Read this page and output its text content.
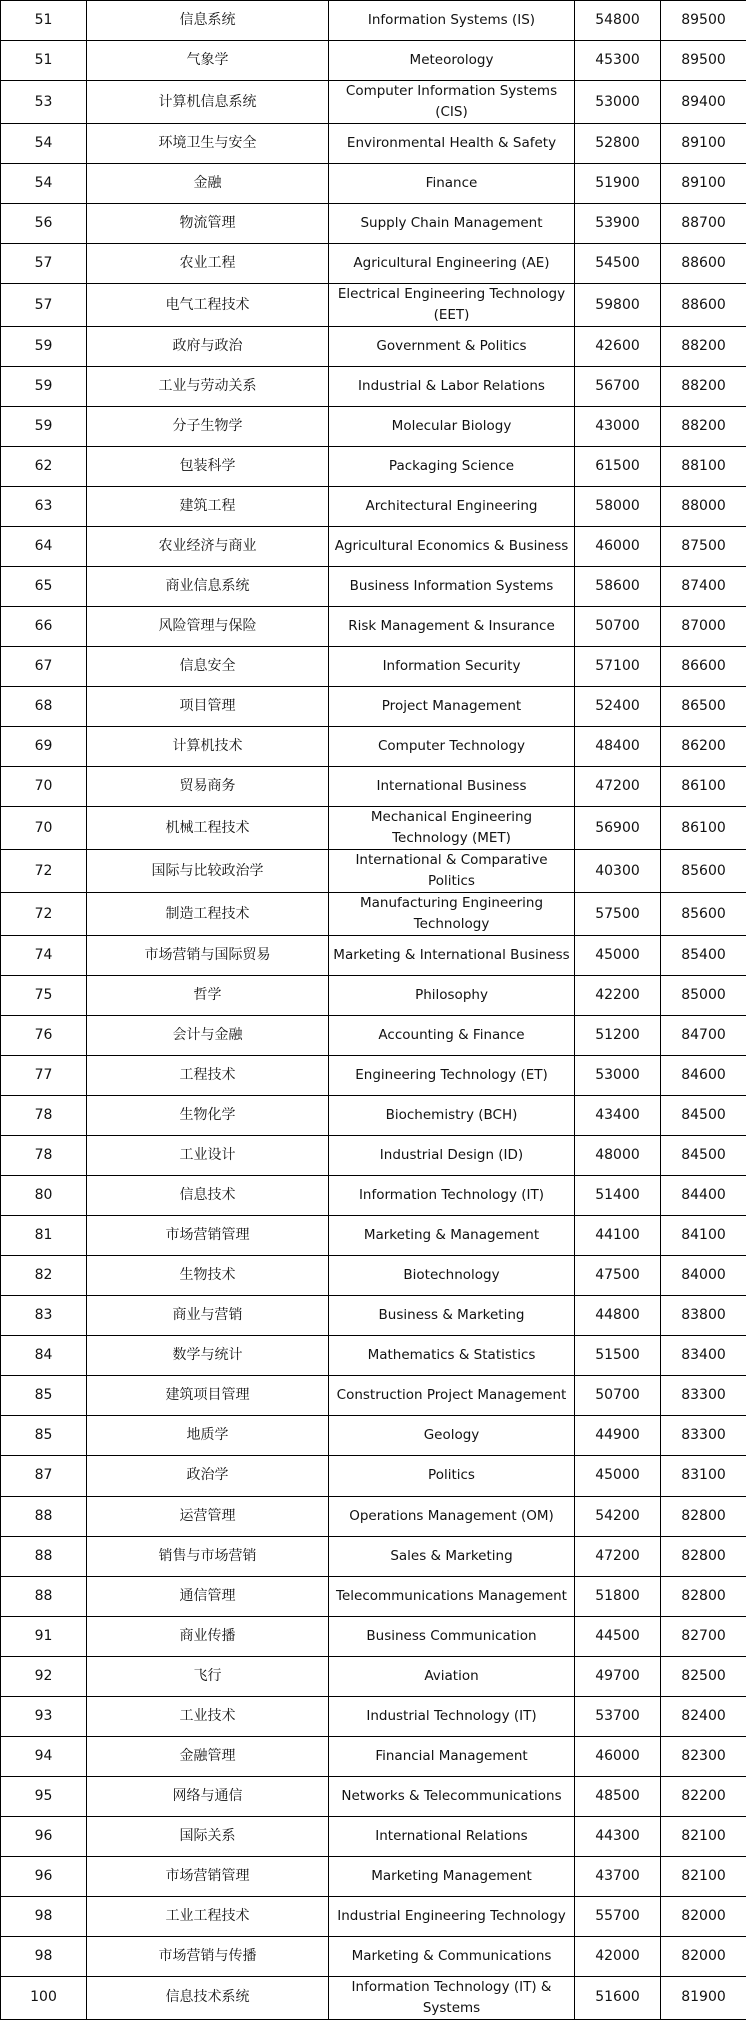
51	信息系统	Information Systems (IS)	54800	89500
51	气象学	Meteorology	45300	89500
53	计算机信息系统	Computer Information Systems (CIS)	53000	89400
54	环境卫生与安全	Environmental Health & Safety	52800	89100
54	金融	Finance	51900	89100
56	物流管理	Supply Chain Management	53900	88700
57	农业工程	Agricultural Engineering (AE)	54500	88600
57	电气工程技术	Electrical Engineering Technology (EET)	59800	88600
59	政府与政治	Government & Politics	42600	88200
59	工业与劳动关系	Industrial & Labor Relations	56700	88200
59	分子生物学	Molecular Biology	43000	88200
62	包装科学	Packaging Science	61500	88100
63	建筑工程	Architectural Engineering	58000	88000
64	农业经济与商业	Agricultural Economics & Business	46000	87500
65	商业信息系统	Business Information Systems	58600	87400
66	风险管理与保险	Risk Management & Insurance	50700	87000
67	信息安全	Information Security	57100	86600
68	项目管理	Project Management	52400	86500
69	计算机技术	Computer Technology	48400	86200
70	贸易商务	International Business	47200	86100
70	机械工程技术	Mechanical Engineering Technology (MET)	56900	86100
72	国际与比较政治学	International & Comparative Politics	40300	85600
72	制造工程技术	Manufacturing Engineering Technology	57500	85600
74	市场营销与国际贸易	Marketing & International Business	45000	85400
75	哲学	Philosophy	42200	85000
76	会计与金融	Accounting & Finance	51200	84700
77	工程技术	Engineering Technology (ET)	53000	84600
78	生物化学	Biochemistry (BCH)	43400	84500
78	工业设计	Industrial Design (ID)	48000	84500
80	信息技术	Information Technology (IT)	51400	84400
81	市场营销管理	Marketing & Management	44100	84100
82	生物技术	Biotechnology	47500	84000
83	商业与营销	Business & Marketing	44800	83800
84	数学与统计	Mathematics & Statistics	51500	83400
85	建筑项目管理	Construction Project Management	50700	83300
85	地质学	Geology	44900	83300
87	政治学	Politics	45000	83100
88	运营管理	Operations Management (OM)	54200	82800
88	销售与市场营销	Sales & Marketing	47200	82800
88	通信管理	Telecommunications Management	51800	82800
91	商业传播	Business Communication	44500	82700
92	飞行	Aviation	49700	82500
93	工业技术	Industrial Technology (IT)	53700	82400
94	金融管理	Financial Management	46000	82300
95	网络与通信	Networks & Telecommunications	48500	82200
96	国际关系	International Relations	44300	82100
96	市场营销管理	Marketing Management	43700	82100
98	工业工程技术	Industrial Engineering Technology	55700	82000
98	市场营销与传播	Marketing & Communications	42000	82000
100	信息技术系统	Information Technology (IT) & Systems	51600	81900
